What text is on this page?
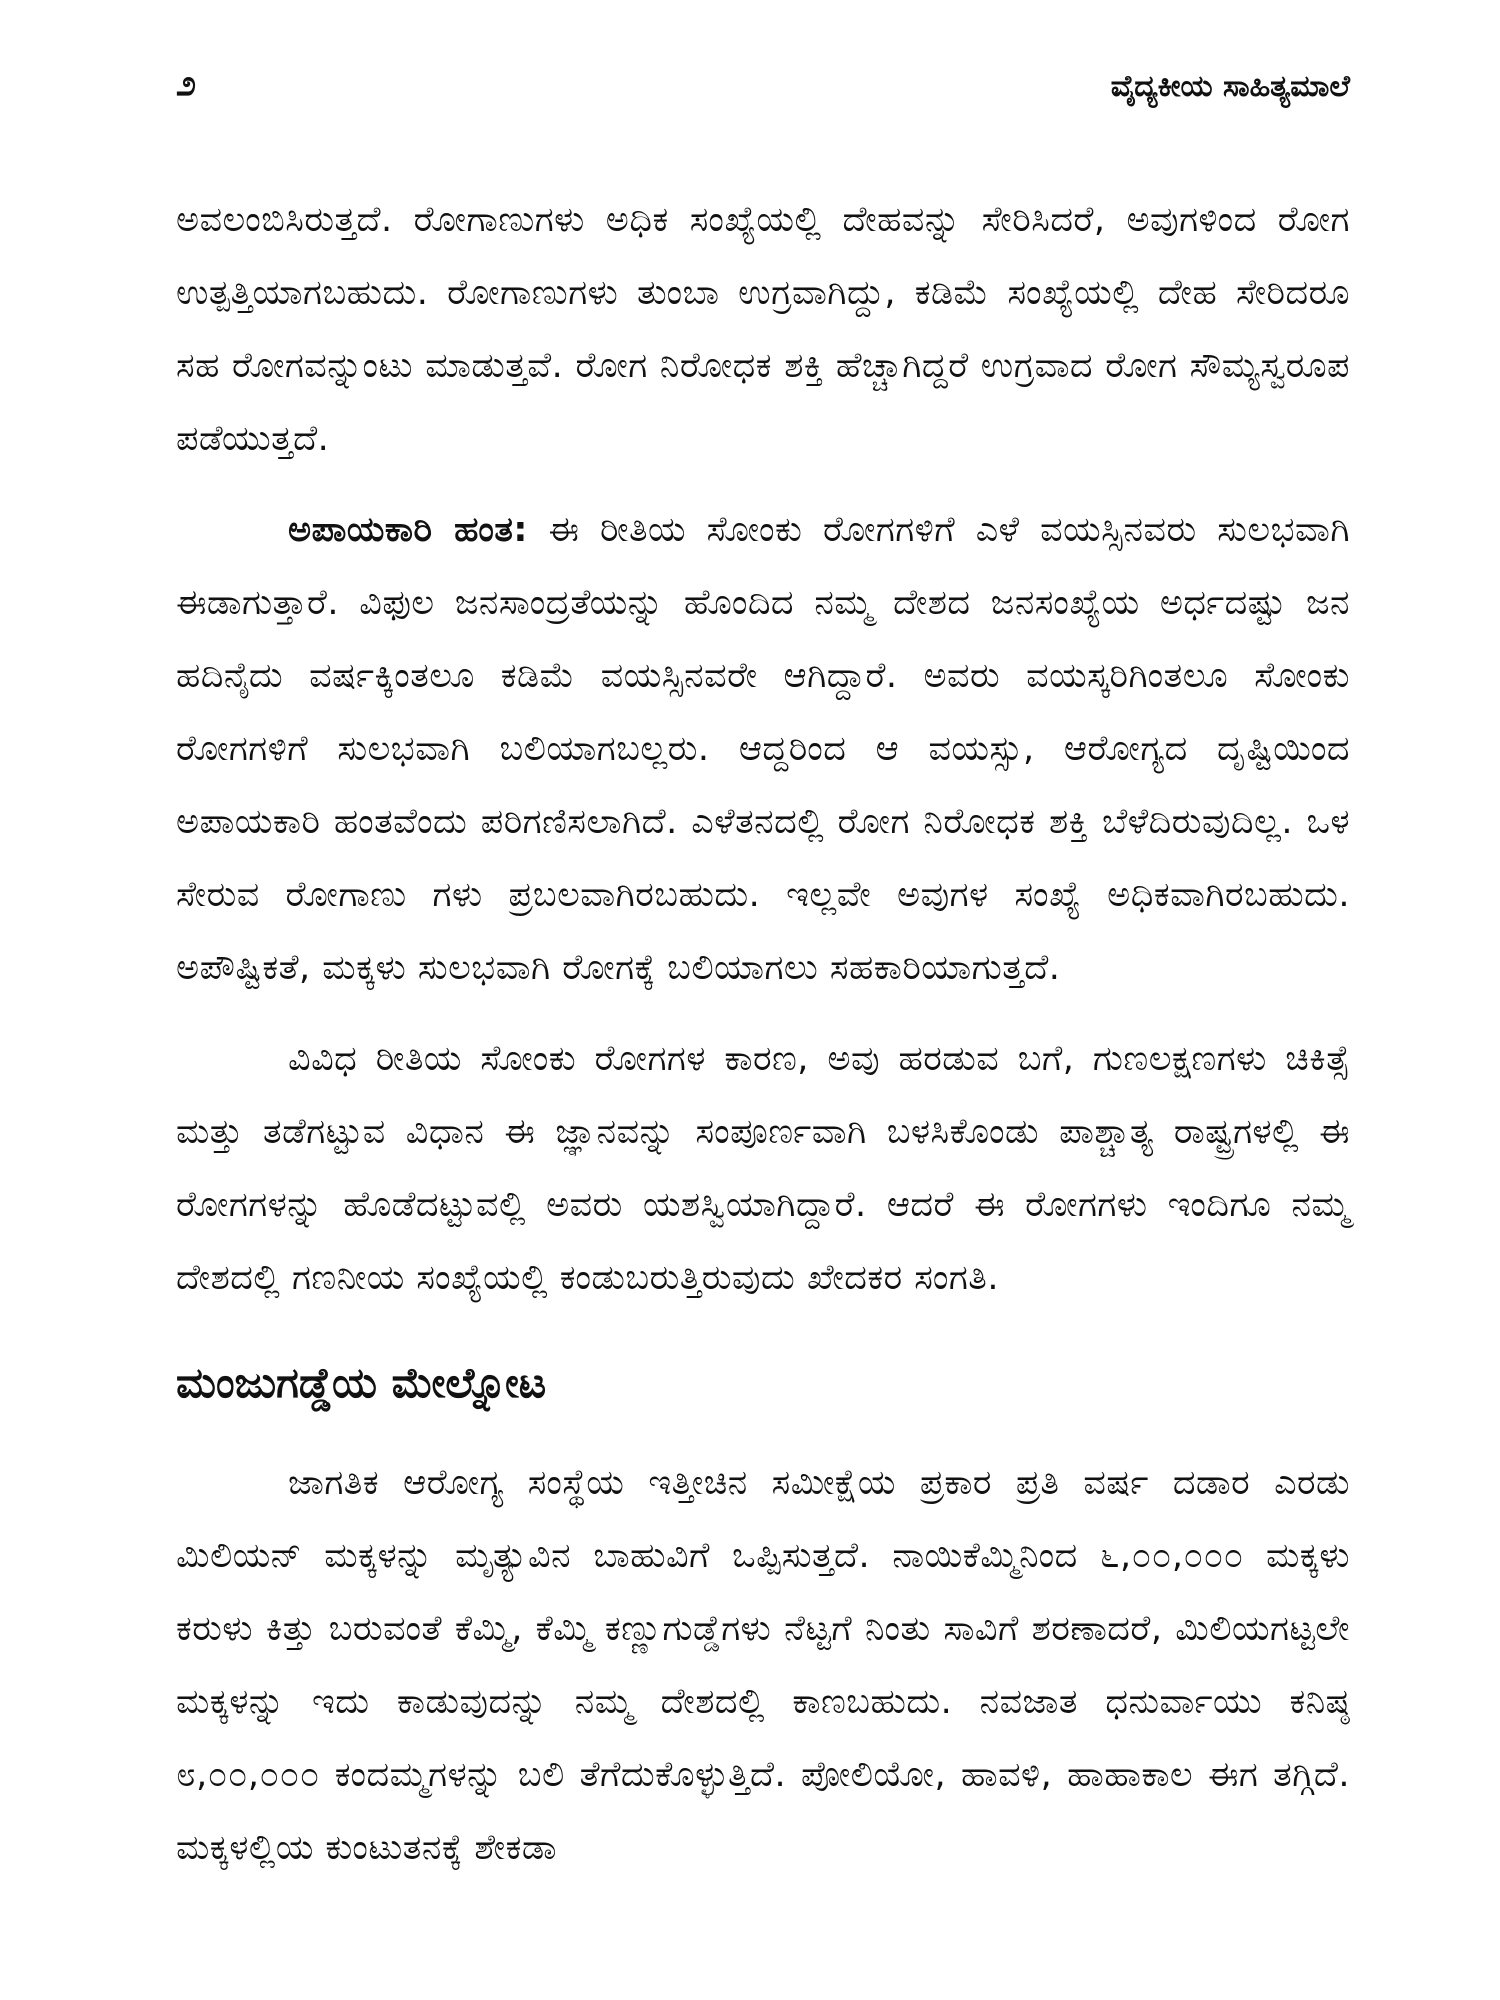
೨	ವೈದ್ಯಕೀಯ ಸಾಹಿತ್ಯಮಾಲೆ

ಅವಲಂಬಿಸಿರುತ್ತದೆ. ರೋಗಾಣುಗಳು ಅಧಿಕ ಸಂಖ್ಯೆಯಲ್ಲಿ ದೇಹವನ್ನು ಸೇರಿಸಿದರೆ, ಅವುಗಳಿಂದ ರೋಗ ಉತ್ಪತ್ತಿಯಾಗಬಹುದು. ರೋಗಾಣುಗಳು ತುಂಬಾ ಉಗ್ರವಾಗಿದ್ದು, ಕಡಿಮೆ ಸಂಖ್ಯೆಯಲ್ಲಿ ದೇಹ ಸೇರಿದರೂ ಸಹ ರೋಗವನ್ನುಂಟು ಮಾಡುತ್ತವೆ. ರೋಗ ನಿರೋಧಕ ಶಕ್ತಿ ಹೆಚ್ಚಾಗಿದ್ದರೆ ಉಗ್ರವಾದ ರೋಗ ಸೌಮ್ಯಸ್ವರೂಪ ಪಡೆಯುತ್ತದೆ.

ಅಪಾಯಕಾರಿ ಹಂತ: ಈ ರೀತಿಯ ಸೋಂಕು ರೋಗಗಳಿಗೆ ಎಳೆ ವಯಸ್ಸಿನವರು ಸುಲಭವಾಗಿ ಈಡಾಗುತ್ತಾರೆ. ವಿಫುಲ ಜನಸಾಂದ್ರತೆಯನ್ನು ಹೊಂದಿದ ನಮ್ಮ ದೇಶದ ಜನಸಂಖ್ಯೆಯ ಅರ್ಧದಷ್ಟು ಜನ ಹದಿನೈದು ವರ್ಷಕ್ಕಿಂತಲೂ ಕಡಿಮೆ ವಯಸ್ಸಿನವರೇ ಆಗಿದ್ದಾರೆ. ಅವರು ವಯಸ್ಕರಿಗಿಂತಲೂ ಸೋಂಕು ರೋಗಗಳಿಗೆ ಸುಲಭವಾಗಿ ಬಲಿಯಾಗಬಲ್ಲರು. ಆದ್ದರಿಂದ ಆ ವಯಸ್ಸು, ಆರೋಗ್ಯದ ದೃಷ್ಟಿಯಿಂದ ಅಪಾಯಕಾರಿ ಹಂತವೆಂದು ಪರಿಗಣಿಸಲಾಗಿದೆ. ಎಳೆತನದಲ್ಲಿ ರೋಗ ನಿರೋಧಕ ಶಕ್ತಿ ಬೆಳೆದಿರುವುದಿಲ್ಲ. ಒಳ ಸೇರುವ ರೋಗಾಣು ಗಳು ಪ್ರಬಲವಾಗಿರಬಹುದು. ಇಲ್ಲವೇ ಅವುಗಳ ಸಂಖ್ಯೆ ಅಧಿಕವಾಗಿರಬಹುದು. ಅಪೌಷ್ಟಿಕತೆ, ಮಕ್ಕಳು ಸುಲಭವಾಗಿ ರೋಗಕ್ಕೆ ಬಲಿಯಾಗಲು ಸಹಕಾರಿಯಾಗುತ್ತದೆ.

ವಿವಿಧ ರೀತಿಯ ಸೋಂಕು ರೋಗಗಳ ಕಾರಣ, ಅವು ಹರಡುವ ಬಗೆ, ಗುಣಲಕ್ಷಣಗಳು ಚಿಕಿತ್ಸೆ ಮತ್ತು ತಡೆಗಟ್ಟುವ ವಿಧಾನ ಈ ಜ್ಞಾನವನ್ನು ಸಂಪೂರ್ಣವಾಗಿ ಬಳಸಿಕೊಂಡು ಪಾಶ್ಚಾತ್ಯ ರಾಷ್ಟ್ರಗಳಲ್ಲಿ ಈ ರೋಗಗಳನ್ನು ಹೊಡೆದಟ್ಟುವಲ್ಲಿ ಅವರು ಯಶಸ್ವಿಯಾಗಿದ್ದಾರೆ. ಆದರೆ ಈ ರೋಗಗಳು ಇಂದಿಗೂ ನಮ್ಮ ದೇಶದಲ್ಲಿ ಗಣನೀಯ ಸಂಖ್ಯೆಯಲ್ಲಿ ಕಂಡುಬರುತ್ತಿರುವುದು ಖೇದಕರ ಸಂಗತಿ.

ಮಂಜುಗಡ್ಡೆಯ ಮೇಲ್ನೋಟ

ಜಾಗತಿಕ ಆರೋಗ್ಯ ಸಂಸ್ಥೆಯ ಇತ್ತೀಚಿನ ಸಮೀಕ್ಷೆಯ ಪ್ರಕಾರ ಪ್ರತಿ ವರ್ಷ ದಡಾರ ಎರಡು ಮಿಲಿಯನ್ ಮಕ್ಕಳನ್ನು ಮೃತ್ಯುವಿನ ಬಾಹುವಿಗೆ ಒಪ್ಪಿಸುತ್ತದೆ. ನಾಯಿಕೆಮ್ಮಿನಿಂದ ೬,೦೦,೦೦೦ ಮಕ್ಕಳು ಕರುಳು ಕಿತ್ತು ಬರುವಂತೆ ಕೆಮ್ಮಿ, ಕೆಮ್ಮಿ ಕಣ್ಣುಗುಡ್ಡೆಗಳು ನೆಟ್ಟಗೆ ನಿಂತು ಸಾವಿಗೆ ಶರಣಾದರೆ, ಮಿಲಿಯಗಟ್ಟಲೇ ಮಕ್ಕಳನ್ನು ಇದು ಕಾಡುವುದನ್ನು ನಮ್ಮ ದೇಶದಲ್ಲಿ ಕಾಣಬಹುದು. ನವಜಾತ ಧನುರ್ವಾಯು ಕನಿಷ್ಠ ೮,೦೦,೦೦೦ ಕಂದಮ್ಮಗಳನ್ನು ಬಲಿ ತೆಗೆದುಕೊಳ್ಳುತ್ತಿದೆ. ಪೋಲಿಯೋ, ಹಾವಳಿ, ಹಾಹಾಕಾಲ ಈಗ ತಗ್ಗಿದೆ. ಮಕ್ಕಳಲ್ಲಿಯ ಕುಂಟುತನಕ್ಕೆ ಶೇಕಡಾ
